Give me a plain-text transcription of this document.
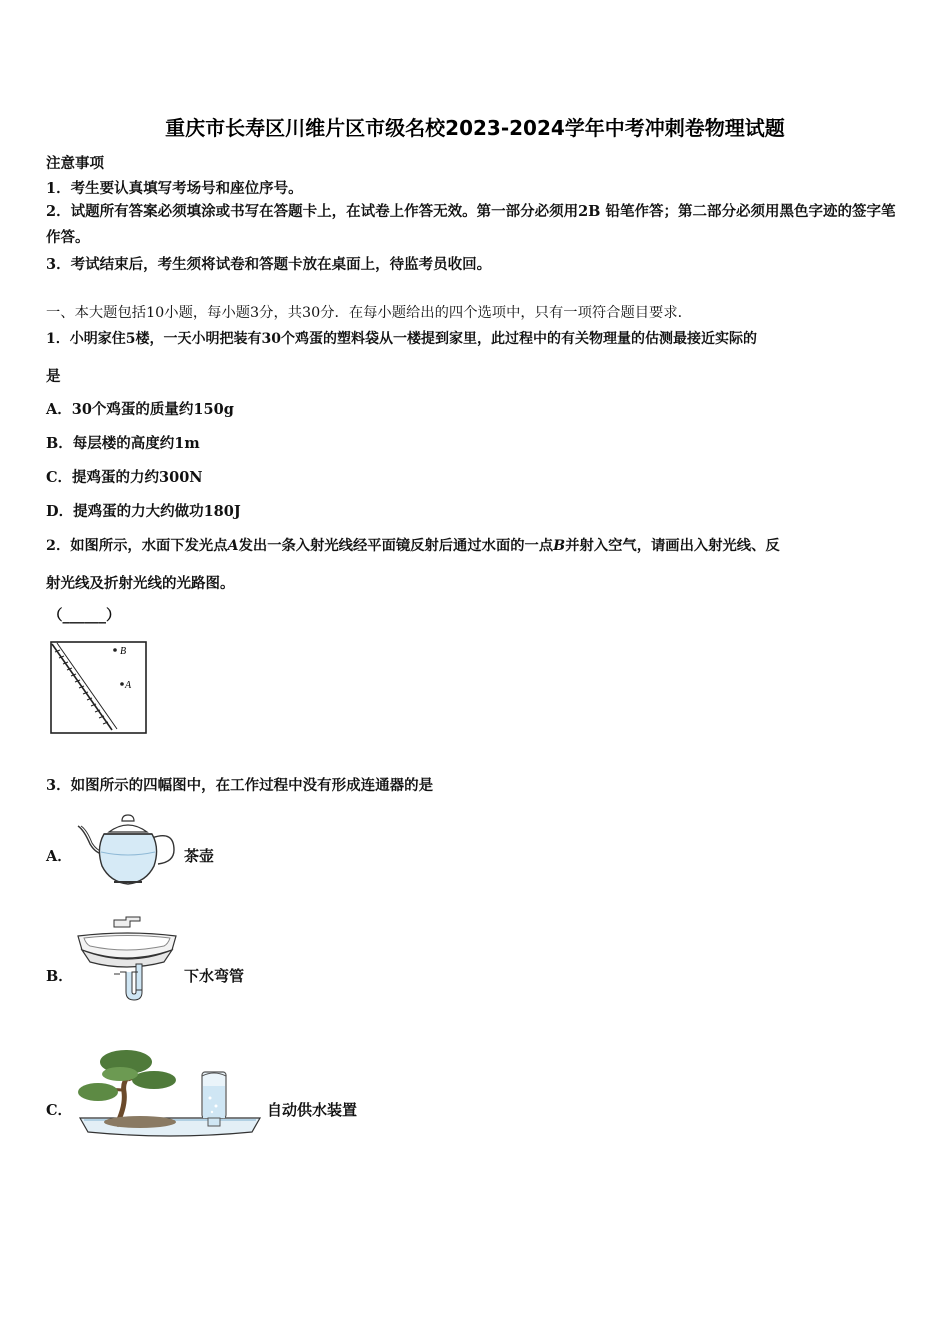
重庆市长寿区川维片区市级名校2023-2024学年中考冲刺卷物理试题
注意事项
1．考生要认真填写考场号和座位序号。
2．试题所有答案必须填涂或书写在答题卡上，在试卷上作答无效。第一部分必须用2B 铅笔作答；第二部分必须用黑色字迹的签字笔作答。
3．考试结束后，考生须将试卷和答题卡放在桌面上，待监考员收回。
一、本大题包括10小题，每小题3分，共30分．在每小题给出的四个选项中，只有一项符合题目要求．
1．小明家住5楼，一天小明把装有30个鸡蛋的塑料袋从一楼提到家里，此过程中的有关物理量的估测最接近实际的
是
A．30个鸡蛋的质量约150g
B．每层楼的高度约1m
C．提鸡蛋的力约300N
D．提鸡蛋的力大约做功180J
2．如图所示，水面下发光点A发出一条入射光线经平面镜反射后通过水面的一点B并射入空气，请画出入射光线、反
射光线及折射光线的光路图。
（______）
B
A
3．如图所示的四幅图中，在工作过程中没有形成连通器的是
A．	茶壶
B．	下水弯管
C．	自动供水装置
